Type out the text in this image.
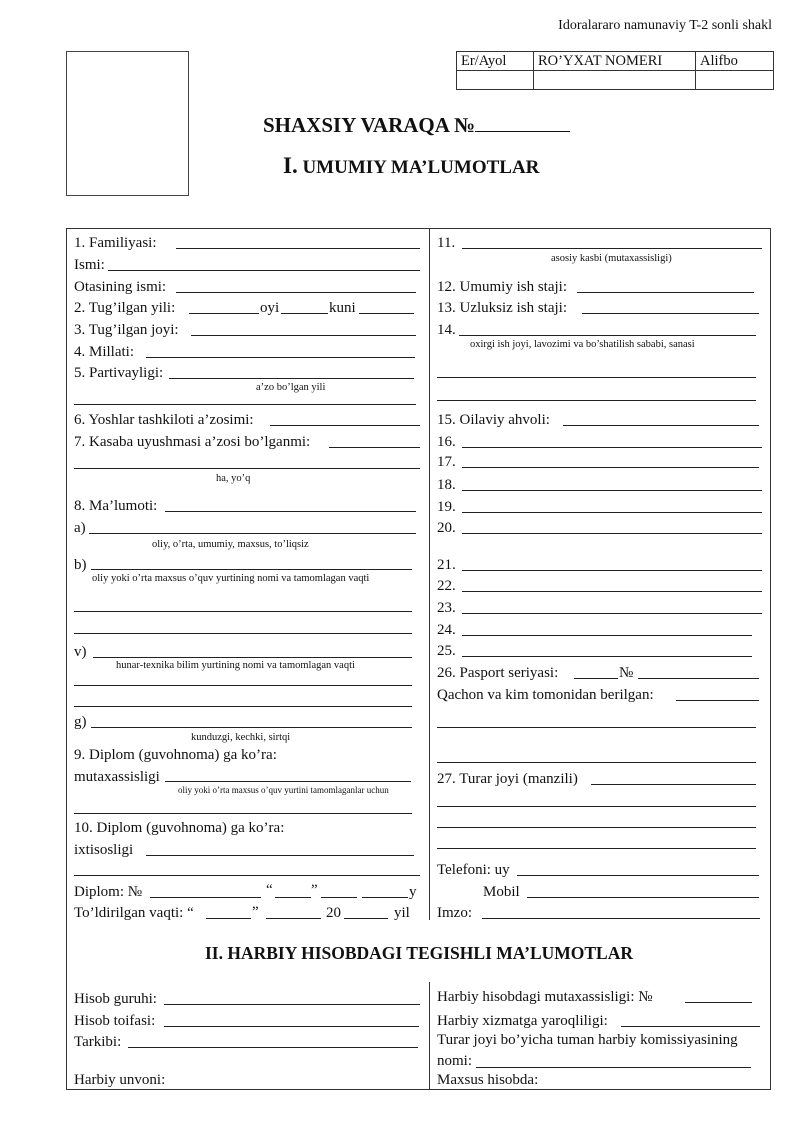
Idoralararo namunaviy T-2 sonli shakl
Er/Ayol	RO’YXAT NOMERI	Alifbo

SHAXSIY VARAQA №
I. UMUMIY MA’LUMOTLAR
1. Familiyasi:
Ismi:
Otasining ismi:
2. Tug’ilgan yili:	oyi	kuni
3. Tug’ilgan joyi:
4. Millati:
5. Partivayligi:
a’zo bo’lgan yili
6. Yoshlar tashkiloti a’zosimi:
7. Kasaba uyushmasi a’zosi bo’lganmi:
ha, yo’q
8. Ma’lumoti:
a)
oliy, o’rta, umumiy, maxsus, to’liqsiz
b)
oliy yoki o’rta maxsus o’quv yurtining nomi va tamomlagan vaqti
v)
hunar-texnika bilim yurtining nomi va tamomlagan vaqti
g)
kunduzgi, kechki, sirtqi
9. Diplom (guvohnoma) ga ko’ra:
mutaxassisligi
oliy yoki o’rta maxsus o’quv yurtini tamomlaganlar uchun
10. Diplom (guvohnoma) ga ko’ra:
ixtisosligi
Diplom: №	“	”	y
To’ldirilgan vaqti: “	”	20	yil
11.
asosiy kasbi (mutaxassisligi)
12. Umumiy ish staji:
13. Uzluksiz ish staji:
14.
oxirgi ish joyi, lavozimi va bo’shatilish sababi, sanasi
15. Oilaviy ahvoli:
16.
17.
18.
19.
20.
21.
22.
23.
24.
25.
26. Pasport seriyasi:	№
Qachon va kim tomonidan berilgan:
27. Turar joyi (manzili)
Telefoni: uy
Mobil
Imzo:
II. HARBIY HISOBDAGI TEGISHLI MA’LUMOTLAR
Hisob guruhi:
Hisob toifasi:
Tarkibi:
Harbiy unvoni:
Harbiy hisobdagi mutaxassisligi: №
Harbiy xizmatga yaroqliligi:
Turar joyi bo’yicha tuman harbiy komissiyasining
nomi:
Maxsus hisobda:
